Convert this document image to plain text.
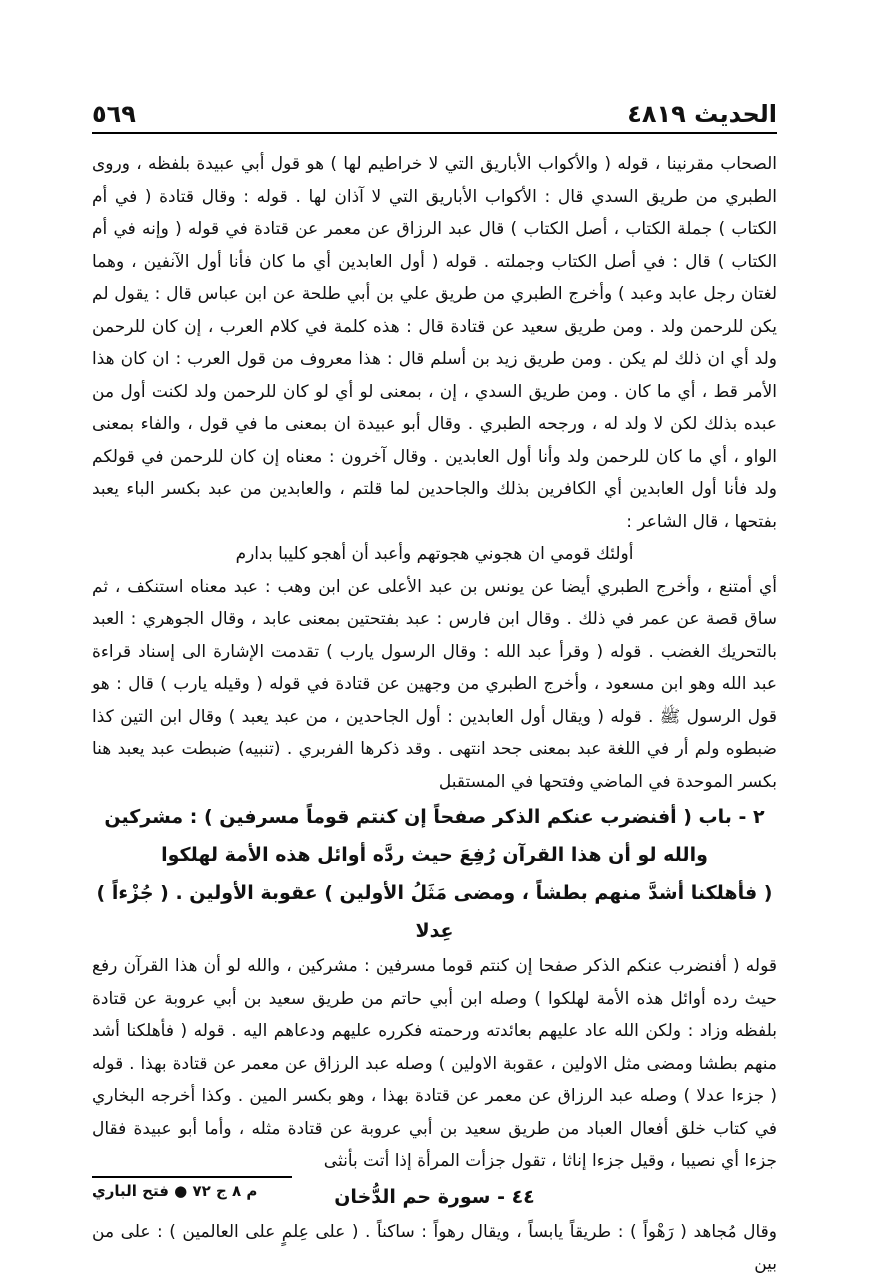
الحديث ٤٨١٩
٥٦٩

الصحاب مقرنينا ، قوله ( والأكواب الأباريق التي لا خراطيم لها ) هو قول أبي عبيدة بلفظه ، وروى الطبري من طريق السدي قال : الأكواب الأباريق التي لا آذان لها . قوله : وقال قتادة ( في أم الكتاب ) جملة الكتاب ، أصل الكتاب ) قال عبد الرزاق عن معمر عن قتادة في قوله ( وإنه في أم الكتاب ) قال : في أصل الكتاب وجملته . قوله ( أول العابدين أي ما كان فأنا أول الآنفين ، وهما لغتان رجل عابد وعبد ) وأخرج الطبري من طريق علي بن أبي طلحة عن ابن عباس قال : يقول لم يكن للرحمن ولد . ومن طريق سعيد عن قتادة قال : هذه كلمة في كلام العرب ، إن كان للرحمن ولد أي ان ذلك لم يكن . ومن طريق زيد بن أسلم قال : هذا معروف من قول العرب : ان كان هذا الأمر قط ، أي ما كان . ومن طريق السدي ، إن ، بمعنى لو أي لو كان للرحمن ولد لكنت أول من عبده بذلك لكن لا ولد له ، ورجحه الطبري . وقال أبو عبيدة ان بمعنى ما في قول ، والفاء بمعنى الواو ، أي ما كان للرحمن ولد وأنا أول العابدين . وقال آخرون : معناه إن كان للرحمن في قولكم ولد فأنا أول العابدين أي الكافرين بذلك والجاحدين لما قلتم ، والعابدين من عبد بكسر الباء يعبد بفتحها ، قال الشاعر :

أولئك قومي ان هجوني هجوتهم وأعبد أن أهجو كليبا بدارم

أي أمتنع ، وأخرج الطبري أيضا عن يونس بن عبد الأعلى عن ابن وهب : عبد معناه استنكف ، ثم ساق قصة عن عمر في ذلك . وقال ابن فارس : عبد بفتحتين بمعنى عابد ، وقال الجوهري : العبد بالتحريك الغضب . قوله ( وقرأ عبد الله : وقال الرسول يارب ) تقدمت الإشارة الى إسناد قراءة عبد الله وهو ابن مسعود ، وأخرج الطبري من وجهين عن قتادة في قوله ( وقيله يارب ) قال : هو قول الرسول ﷺ . قوله ( ويقال أول العابدين : أول الجاحدين ، من عبد يعبد ) وقال ابن التين كذا ضبطوه ولم أر في اللغة عبد بمعنى جحد انتهى . وقد ذكرها الفربري . (تنبيه) ضبطت عبد يعبد هنا بكسر الموحدة في الماضي وفتحها في المستقبل

٢ - باب ( أفنضرب عنكم الذكر صفحاً إن كنتم قوماً مسرفين ) : مشركين

والله لو أن هذا القرآن رُفِعَ حيث ردَّه أوائل هذه الأمة لهلكوا

( فأهلكنا أشدَّ منهم بطشاً ، ومضى مَثَلُ الأولين ) عقوبة الأولين . ( جُزْءاً ) عِدلا

قوله ( أفنضرب عنكم الذكر صفحا إن كنتم قوما مسرفين : مشركين ، والله لو أن هذا القرآن رفع حيث رده أوائل هذه الأمة لهلكوا ) وصله ابن أبي حاتم من طريق سعيد بن أبي عروبة عن قتادة بلفظه وزاد : ولكن الله عاد عليهم بعائدته ورحمته فكرره عليهم ودعاهم اليه . قوله ( فأهلكنا أشد منهم بطشا ومضى مثل الاولين ، عقوبة الاولين ) وصله عبد الرزاق عن معمر عن قتادة بهذا . قوله ( جزءا عدلا ) وصله عبد الرزاق عن معمر عن قتادة بهذا ، وهو بكسر المين . وكذا أخرجه البخاري في كتاب خلق أفعال العباد من طريق سعيد بن أبي عروبة عن قتادة مثله ، وأما أبو عبيدة فقال جزءا أي نصيبا ، وقيل جزءا إناثا ، تقول جزأت المرأة إذا أتت بأنثى

٤٤ - سورة حم الدُّخان

وقال مُجاهد ( رَهْواً ) : طريقاً يابساً ، ويقال رهواً : ساكناً . ( على عِلمٍ على العالمين ) : على من بين

م ٨ ج ٧٢ ● فتح الباري
